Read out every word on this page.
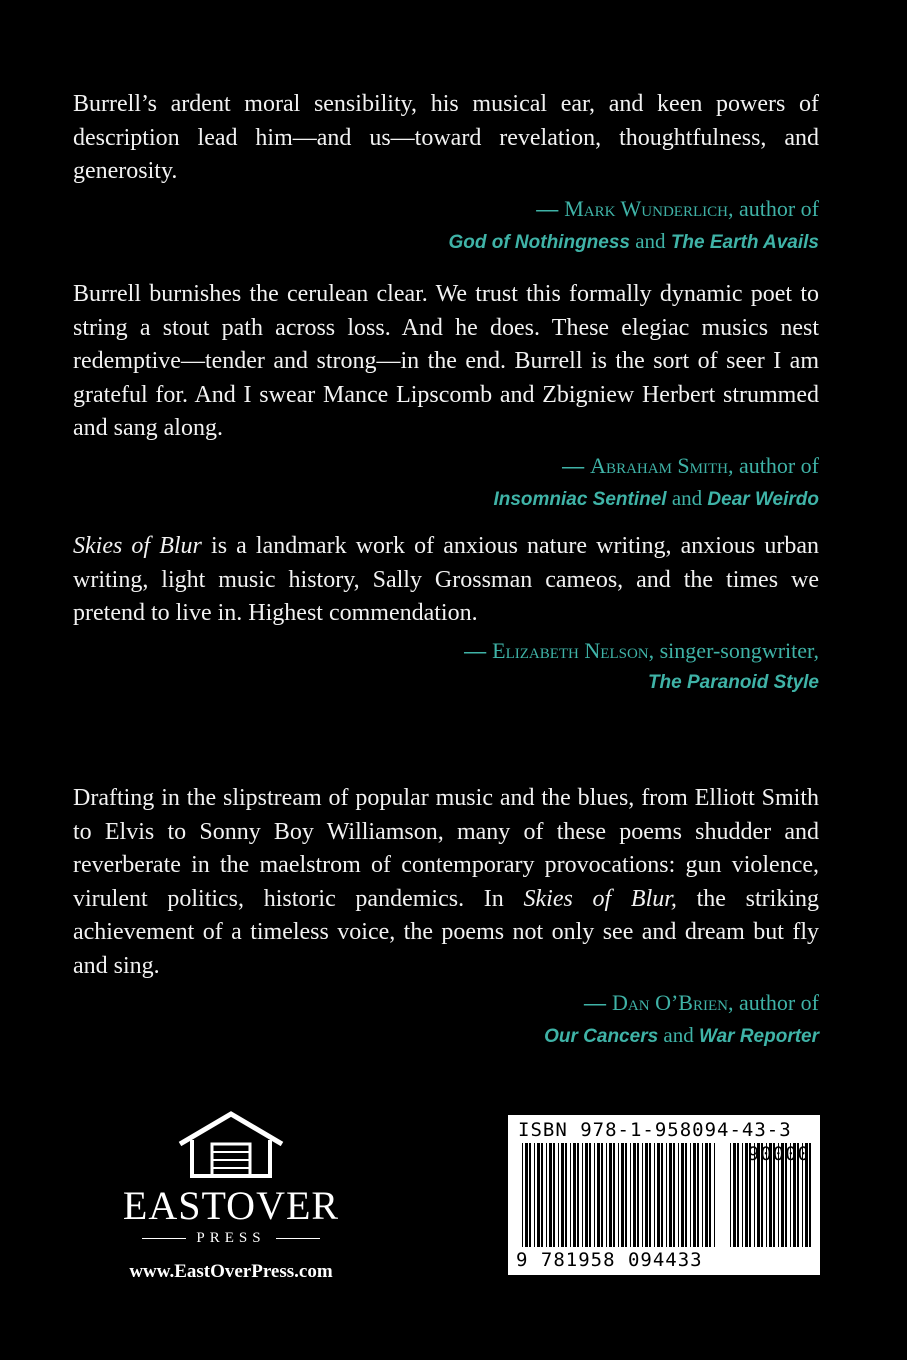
Burrell’s ardent moral sensibility, his musical ear, and keen powers of description lead him—and us—toward revelation, thoughtfulness, and generosity.

— Mark Wunderlich, author of
God of Nothingness and The Earth Avails

Burrell burnishes the cerulean clear. We trust this formally dynamic poet to string a stout path across loss. And he does. These elegiac musics nest redemptive—tender and strong—in the end. Burrell is the sort of seer I am grateful for. And I swear Mance Lipscomb and Zbigniew Herbert strummed and sang along.

— Abraham Smith, author of
Insomniac Sentinel and Dear Weirdo

Skies of Blur is a landmark work of anxious nature writing, anxious urban writing, light music history, Sally Grossman cameos, and the times we pretend to live in. Highest commendation.

— Elizabeth Nelson, singer-songwriter,
The Paranoid Style

Drafting in the slipstream of popular music and the blues, from Elliott Smith to Elvis to Sonny Boy Williamson, many of these poems shudder and reverberate in the maelstrom of contemporary provocations: gun violence, virulent politics, historic pandemics. In Skies of Blur, the striking achievement of a timeless voice, the poems not only see and dream but fly and sing.

— Dan O’Brien, author of
Our Cancers and War Reporter
EASTOVER
PRESS
www.EastOverPress.com
ISBN 978-1-958094-43-3
90000
9 781958 094433
